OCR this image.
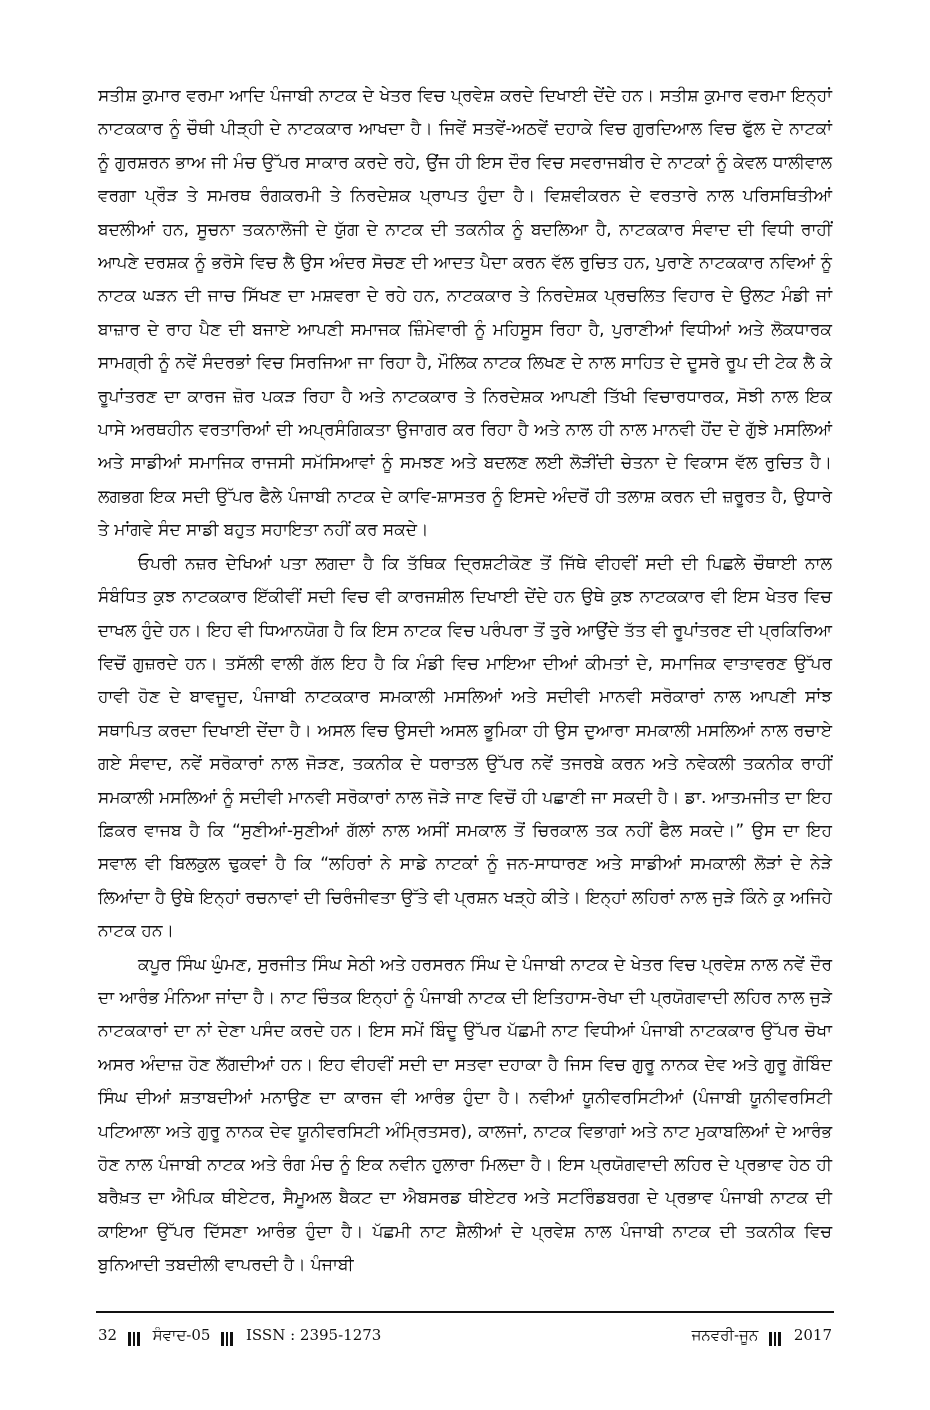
ਸਤੀਸ਼ ਕੁਮਾਰ ਵਰਮਾ ਆਦਿ ਪੰਜਾਬੀ ਨਾਟਕ ਦੇ ਖੇਤਰ ਵਿਚ ਪ੍ਰਵੇਸ਼ ਕਰਦੇ ਦਿਖਾਈ ਦੇਂਦੇ ਹਨ। ਸਤੀਸ਼ ਕੁਮਾਰ ਵਰਮਾ ਇਨ੍ਹਾਂ ਨਾਟਕਕਾਰ ਨੂੰ ਚੌਥੀ ਪੀੜ੍ਹੀ ਦੇ ਨਾਟਕਕਾਰ ਆਖਦਾ ਹੈ। ਜਿਵੇਂ ਸਤਵੇਂ-ਅਠਵੇਂ ਦਹਾਕੇ ਵਿਚ ਗੁਰਦਿਆਲ ਵਿਚ ਫੁੱਲ ਦੇ ਨਾਟਕਾਂ ਨੂੰ ਗੁਰਸ਼ਰਨ ਭਾਅ ਜੀ ਮੰਚ ਉੱਪਰ ਸਾਕਾਰ ਕਰਦੇ ਰਹੇ, ਉਂਜ ਹੀ ਇਸ ਦੌਰ ਵਿਚ ਸਵਰਾਜਬੀਰ ਦੇ ਨਾਟਕਾਂ ਨੂੰ ਕੇਵਲ ਧਾਲੀਵਾਲ ਵਰਗਾ ਪ੍ਰੌੜ ਤੇ ਸਮਰਥ ਰੰਗਕਰਮੀ ਤੇ ਨਿਰਦੇਸ਼ਕ ਪ੍ਰਾਪਤ ਹੁੰਦਾ ਹੈ। ਵਿਸ਼ਵੀਕਰਨ ਦੇ ਵਰਤਾਰੇ ਨਾਲ ਪਰਿਸਥਿਤੀਆਂ ਬਦਲੀਆਂ ਹਨ, ਸੂਚਨਾ ਤਕਨਾਲੋਜੀ ਦੇ ਯੁੱਗ ਦੇ ਨਾਟਕ ਦੀ ਤਕਨੀਕ ਨੂੰ ਬਦਲਿਆ ਹੈ, ਨਾਟਕਕਾਰ ਸੰਵਾਦ ਦੀ ਵਿਧੀ ਰਾਹੀਂ ਆਪਣੇ ਦਰਸ਼ਕ ਨੂੰ ਭਰੋਸੇ ਵਿਚ ਲੈ ਉਸ ਅੰਦਰ ਸੋਚਣ ਦੀ ਆਦਤ ਪੈਦਾ ਕਰਨ ਵੱਲ ਰੁਚਿਤ ਹਨ, ਪੁਰਾਣੇ ਨਾਟਕਕਾਰ ਨਵਿਆਂ ਨੂੰ ਨਾਟਕ ਘੜਨ ਦੀ ਜਾਚ ਸਿੱਖਣ ਦਾ ਮਸ਼ਵਰਾ ਦੇ ਰਹੇ ਹਨ, ਨਾਟਕਕਾਰ ਤੇ ਨਿਰਦੇਸ਼ਕ ਪ੍ਰਚਲਿਤ ਵਿਹਾਰ ਦੇ ਉਲਟ ਮੰਡੀ ਜਾਂ ਬਾਜ਼ਾਰ ਦੇ ਰਾਹ ਪੈਣ ਦੀ ਬਜਾਏ ਆਪਣੀ ਸਮਾਜਕ ਜ਼ਿੰਮੇਵਾਰੀ ਨੂੰ ਮਹਿਸੂਸ ਰਿਹਾ ਹੈ, ਪੁਰਾਣੀਆਂ ਵਿਧੀਆਂ ਅਤੇ ਲੋਕਧਾਰਕ ਸਾਮਗ੍ਰੀ ਨੂੰ ਨਵੇਂ ਸੰਦਰਭਾਂ ਵਿਚ ਸਿਰਜਿਆ ਜਾ ਰਿਹਾ ਹੈ, ਮੌਲਿਕ ਨਾਟਕ ਲਿਖਣ ਦੇ ਨਾਲ ਸਾਹਿਤ ਦੇ ਦੂਸਰੇ ਰੂਪ ਦੀ ਟੇਕ ਲੈ ਕੇ ਰੂਪਾਂਤਰਣ ਦਾ ਕਾਰਜ ਜ਼ੋਰ ਪਕੜ ਰਿਹਾ ਹੈ ਅਤੇ ਨਾਟਕਕਾਰ ਤੇ ਨਿਰਦੇਸ਼ਕ ਆਪਣੀ ਤਿੱਖੀ ਵਿਚਾਰਧਾਰਕ, ਸੋਝੀ ਨਾਲ ਇਕ ਪਾਸੇ ਅਰਥਹੀਨ ਵਰਤਾਰਿਆਂ ਦੀ ਅਪ੍ਰਸੰਗਿਕਤਾ ਉਜਾਗਰ ਕਰ ਰਿਹਾ ਹੈ ਅਤੇ ਨਾਲ ਹੀ ਨਾਲ ਮਾਨਵੀ ਹੋਂਦ ਦੇ ਗੁੱਝੇ ਮਸਲਿਆਂ ਅਤੇ ਸਾਡੀਆਂ ਸਮਾਜਿਕ ਰਾਜਸੀ ਸਮੱਸਿਆਵਾਂ ਨੂੰ ਸਮਝਣ ਅਤੇ ਬਦਲਣ ਲਈ ਲੋੜੀਂਦੀ ਚੇਤਨਾ ਦੇ ਵਿਕਾਸ ਵੱਲ ਰੁਚਿਤ ਹੈ। ਲਗਭਗ ਇਕ ਸਦੀ ਉੱਪਰ ਫੈਲੇ ਪੰਜਾਬੀ ਨਾਟਕ ਦੇ ਕਾਵਿ-ਸ਼ਾਸਤਰ ਨੂੰ ਇਸਦੇ ਅੰਦਰੋਂ ਹੀ ਤਲਾਸ਼ ਕਰਨ ਦੀ ਜ਼ਰੂਰਤ ਹੈ, ਉਧਾਰੇ ਤੇ ਮਾਂਗਵੇ ਸੰਦ ਸਾਡੀ ਬਹੁਤ ਸਹਾਇਤਾ ਨਹੀਂ ਕਰ ਸਕਦੇ।

ਓਪਰੀ ਨਜ਼ਰ ਦੇਖਿਆਂ ਪਤਾ ਲਗਦਾ ਹੈ ਕਿ ਤੱਥਿਕ ਦ੍ਰਿਸ਼ਟੀਕੋਣ ਤੋਂ ਜਿੱਥੇ ਵੀਹਵੀਂ ਸਦੀ ਦੀ ਪਿਛਲੇ ਚੌਥਾਈ ਨਾਲ ਸੰਬੰਧਿਤ ਕੁਝ ਨਾਟਕਕਾਰ ਇੱਕੀਵੀਂ ਸਦੀ ਵਿਚ ਵੀ ਕਾਰਜਸ਼ੀਲ ਦਿਖਾਈ ਦੇਂਦੇ ਹਨ ਉਥੇ ਕੁਝ ਨਾਟਕਕਾਰ ਵੀ ਇਸ ਖੇਤਰ ਵਿਚ ਦਾਖਲ ਹੁੰਦੇ ਹਨ। ਇਹ ਵੀ ਧਿਆਨਯੋਗ ਹੈ ਕਿ ਇਸ ਨਾਟਕ ਵਿਚ ਪਰੰਪਰਾ ਤੋਂ ਤੁਰੇ ਆਉਂਦੇ ਤੱਤ ਵੀ ਰੂਪਾਂਤਰਣ ਦੀ ਪ੍ਰਕਿਰਿਆ ਵਿਚੋਂ ਗੁਜ਼ਰਦੇ ਹਨ। ਤਸੱਲੀ ਵਾਲੀ ਗੱਲ ਇਹ ਹੈ ਕਿ ਮੰਡੀ ਵਿਚ ਮਾਇਆ ਦੀਆਂ ਕੀਮਤਾਂ ਦੇ, ਸਮਾਜਿਕ ਵਾਤਾਵਰਣ ਉੱਪਰ ਹਾਵੀ ਹੋਣ ਦੇ ਬਾਵਜੂਦ, ਪੰਜਾਬੀ ਨਾਟਕਕਾਰ ਸਮਕਾਲੀ ਮਸਲਿਆਂ ਅਤੇ ਸਦੀਵੀ ਮਾਨਵੀ ਸਰੋਕਾਰਾਂ ਨਾਲ ਆਪਣੀ ਸਾਂਝ ਸਥਾਪਿਤ ਕਰਦਾ ਦਿਖਾਈ ਦੇਂਦਾ ਹੈ। ਅਸਲ ਵਿਚ ਉਸਦੀ ਅਸਲ ਭੂਮਿਕਾ ਹੀ ਉਸ ਦੁਆਰਾ ਸਮਕਾਲੀ ਮਸਲਿਆਂ ਨਾਲ ਰਚਾਏ ਗਏ ਸੰਵਾਦ, ਨਵੇਂ ਸਰੋਕਾਰਾਂ ਨਾਲ ਜੋੜਣ, ਤਕਨੀਕ ਦੇ ਧਰਾਤਲ ਉੱਪਰ ਨਵੇਂ ਤਜਰਬੇ ਕਰਨ ਅਤੇ ਨਵੇਕਲੀ ਤਕਨੀਕ ਰਾਹੀਂ ਸਮਕਾਲੀ ਮਸਲਿਆਂ ਨੂੰ ਸਦੀਵੀ ਮਾਨਵੀ ਸਰੋਕਾਰਾਂ ਨਾਲ ਜੋੜੇ ਜਾਣ ਵਿਚੋਂ ਹੀ ਪਛਾਣੀ ਜਾ ਸਕਦੀ ਹੈ। ਡਾ. ਆਤਮਜੀਤ ਦਾ ਇਹ ਫ਼ਿਕਰ ਵਾਜਬ ਹੈ ਕਿ “ਸੁਣੀਆਂ-ਸੁਣੀਆਂ ਗੱਲਾਂ ਨਾਲ ਅਸੀਂ ਸਮਕਾਲ ਤੋਂ ਚਿਰਕਾਲ ਤਕ ਨਹੀਂ ਫੈਲ ਸਕਦੇ।” ਉਸ ਦਾ ਇਹ ਸਵਾਲ ਵੀ ਬਿਲਕੁਲ ਢੁਕਵਾਂ ਹੈ ਕਿ “ਲਹਿਰਾਂ ਨੇ ਸਾਡੇ ਨਾਟਕਾਂ ਨੂੰ ਜਨ-ਸਾਧਾਰਣ ਅਤੇ ਸਾਡੀਆਂ ਸਮਕਾਲੀ ਲੋੜਾਂ ਦੇ ਨੇੜੇ ਲਿਆਂਦਾ ਹੈ ਉਥੇ ਇਨ੍ਹਾਂ ਰਚਨਾਵਾਂ ਦੀ ਚਿਰੰਜੀਵਤਾ ਉੱਤੇ ਵੀ ਪ੍ਰਸ਼ਨ ਖੜ੍ਹੇ ਕੀਤੇ। ਇਨ੍ਹਾਂ ਲਹਿਰਾਂ ਨਾਲ ਜੁੜੇ ਕਿੰਨੇ ਕੁ ਅਜਿਹੇ ਨਾਟਕ ਹਨ।

ਕਪੂਰ ਸਿੰਘ ਘੁੰਮਣ, ਸੁਰਜੀਤ ਸਿੰਘ ਸੇਠੀ ਅਤੇ ਹਰਸਰਨ ਸਿੰਘ ਦੇ ਪੰਜਾਬੀ ਨਾਟਕ ਦੇ ਖੇਤਰ ਵਿਚ ਪ੍ਰਵੇਸ਼ ਨਾਲ ਨਵੇਂ ਦੌਰ ਦਾ ਆਰੰਭ ਮੰਨਿਆ ਜਾਂਦਾ ਹੈ। ਨਾਟ ਚਿੰਤਕ ਇਨ੍ਹਾਂ ਨੂੰ ਪੰਜਾਬੀ ਨਾਟਕ ਦੀ ਇਤਿਹਾਸ-ਰੇਖਾ ਦੀ ਪ੍ਰਯੋਗਵਾਦੀ ਲਹਿਰ ਨਾਲ ਜੁੜੇ ਨਾਟਕਕਾਰਾਂ ਦਾ ਨਾਂ ਦੇਣਾ ਪਸੰਦ ਕਰਦੇ ਹਨ। ਇਸ ਸਮੇਂ ਬਿੰਦੂ ਉੱਪਰ ਪੱਛਮੀ ਨਾਟ ਵਿਧੀਆਂ ਪੰਜਾਬੀ ਨਾਟਕਕਾਰ ਉੱਪਰ ਚੋਖਾ ਅਸਰ ਅੰਦਾਜ਼ ਹੋਣ ਲੱਗਦੀਆਂ ਹਨ। ਇਹ ਵੀਹਵੀਂ ਸਦੀ ਦਾ ਸਤਵਾ ਦਹਾਕਾ ਹੈ ਜਿਸ ਵਿਚ ਗੁਰੂ ਨਾਨਕ ਦੇਵ ਅਤੇ ਗੁਰੂ ਗੋਬਿੰਦ ਸਿੰਘ ਦੀਆਂ ਸ਼ਤਾਬਦੀਆਂ ਮਨਾਉਣ ਦਾ ਕਾਰਜ ਵੀ ਆਰੰਭ ਹੁੰਦਾ ਹੈ। ਨਵੀਆਂ ਯੂਨੀਵਰਸਿਟੀਆਂ (ਪੰਜਾਬੀ ਯੂਨੀਵਰਸਿਟੀ ਪਟਿਆਲਾ ਅਤੇ ਗੁਰੂ ਨਾਨਕ ਦੇਵ ਯੂਨੀਵਰਸਿਟੀ ਅੰਮ੍ਰਿਤਸਰ), ਕਾਲਜਾਂ, ਨਾਟਕ ਵਿਭਾਗਾਂ ਅਤੇ ਨਾਟ ਮੁਕਾਬਲਿਆਂ ਦੇ ਆਰੰਭ ਹੋਣ ਨਾਲ ਪੰਜਾਬੀ ਨਾਟਕ ਅਤੇ ਰੰਗ ਮੰਚ ਨੂੰ ਇਕ ਨਵੀਨ ਹੁਲਾਰਾ ਮਿਲਦਾ ਹੈ। ਇਸ ਪ੍ਰਯੋਗਵਾਦੀ ਲਹਿਰ ਦੇ ਪ੍ਰਭਾਵ ਹੇਠ ਹੀ ਬਰੈਖ਼ਤ ਦਾ ਐਪਿਕ ਥੀਏਟਰ, ਸੈਮੂਅਲ ਬੈਕਟ ਦਾ ਐਬਸਰਡ ਥੀਏਟਰ ਅਤੇ ਸਟਰਿੰਡਬਰਗ ਦੇ ਪ੍ਰਭਾਵ ਪੰਜਾਬੀ ਨਾਟਕ ਦੀ ਕਾਇਆ ਉੱਪਰ ਦਿੱਸਣਾ ਆਰੰਭ ਹੁੰਦਾ ਹੈ। ਪੱਛਮੀ ਨਾਟ ਸ਼ੈਲੀਆਂ ਦੇ ਪ੍ਰਵੇਸ਼ ਨਾਲ ਪੰਜਾਬੀ ਨਾਟਕ ਦੀ ਤਕਨੀਕ ਵਿਚ ਬੁਨਿਆਦੀ ਤਬਦੀਲੀ ਵਾਪਰਦੀ ਹੈ। ਪੰਜਾਬੀ

32 ਸੰਵਾਦ-05 ISSN : 2395-1273	ਜਨਵਰੀ-ਜੂਨ 2017
